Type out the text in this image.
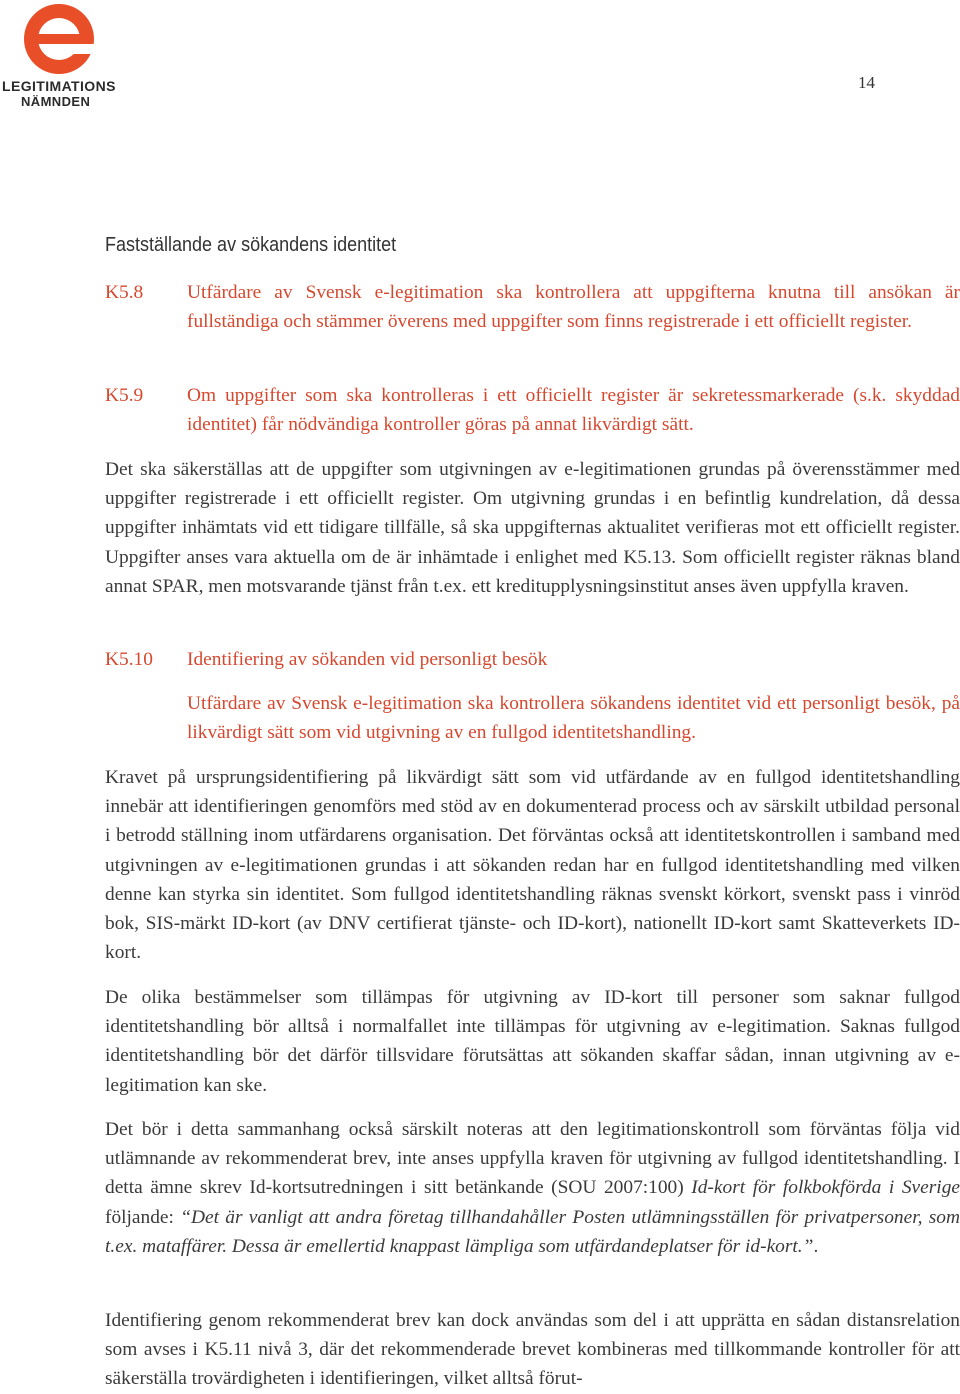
LEGITIMATIONS
NÄMNDEN
14
Fastställande av sökandens identitet
K5.8 Utfärdare av Svensk e-legitimation ska kontrollera att uppgifterna knutna till ansökan är fullständiga och stämmer överens med uppgifter som finns registrerade i ett officiellt register.
K5.9 Om uppgifter som ska kontrolleras i ett officiellt register är sekretessmarkerade (s.k. skyddad identitet) får nödvändiga kontroller göras på annat likvärdigt sätt.
Det ska säkerställas att de uppgifter som utgivningen av e-legitimationen grundas på överensstämmer med uppgifter registrerade i ett officiellt register. Om utgivning grundas i en befintlig kundrelation, då dessa uppgifter inhämtats vid ett tidigare tillfälle, så ska uppgifternas aktualitet verifieras mot ett officiellt register. Uppgifter anses vara aktuella om de är inhämtade i enlighet med K5.13. Som officiellt register räknas bland annat SPAR, men motsvarande tjänst från t.ex. ett kreditupplysningsinstitut anses även uppfylla kraven.
K5.10 Identifiering av sökanden vid personligt besök
Utfärdare av Svensk e-legitimation ska kontrollera sökandens identitet vid ett personligt besök, på likvärdigt sätt som vid utgivning av en fullgod identitetshandling.
Kravet på ursprungsidentifiering på likvärdigt sätt som vid utfärdande av en fullgod identitetshandling innebär att identifieringen genomförs med stöd av en dokumenterad process och av särskilt utbildad personal i betrodd ställning inom utfärdarens organisation. Det förväntas också att identitetskontrollen i samband med utgivningen av e-legitimationen grundas i att sökanden redan har en fullgod identitetshandling med vilken denne kan styrka sin identitet. Som fullgod identitetshandling räknas svenskt körkort, svenskt pass i vinröd bok, SIS-märkt ID-kort (av DNV certifierat tjänste- och ID-kort), nationellt ID-kort samt Skatteverkets ID-kort.
De olika bestämmelser som tillämpas för utgivning av ID-kort till personer som saknar fullgod identitetshandling bör alltså i normalfallet inte tillämpas för utgivning av e-legitimation. Saknas fullgod identitetshandling bör det därför tillsvidare förutsättas att sökanden skaffar sådan, innan utgivning av e-legitimation kan ske.
Det bör i detta sammanhang också särskilt noteras att den legitimationskontroll som förväntas följa vid utlämnande av rekommenderat brev, inte anses uppfylla kraven för utgivning av fullgod identitetshandling. I detta ämne skrev Id-kortsutredningen i sitt betänkande (SOU 2007:100) Id-kort för folkbokförda i Sverige följande: “Det är vanligt att andra företag tillhandahåller Posten utlämningsställen för privatpersoner, som t.ex. mataffärer. Dessa är emellertid knappast lämpliga som utfärdandeplatser för id-kort.”.
Identifiering genom rekommenderat brev kan dock användas som del i att upprätta en sådan distansrelation som avses i K5.11 nivå 3, där det rekommenderade brevet kombineras med tillkommande kontroller för att säkerställa trovärdigheten i identifieringen, vilket alltså förut-
